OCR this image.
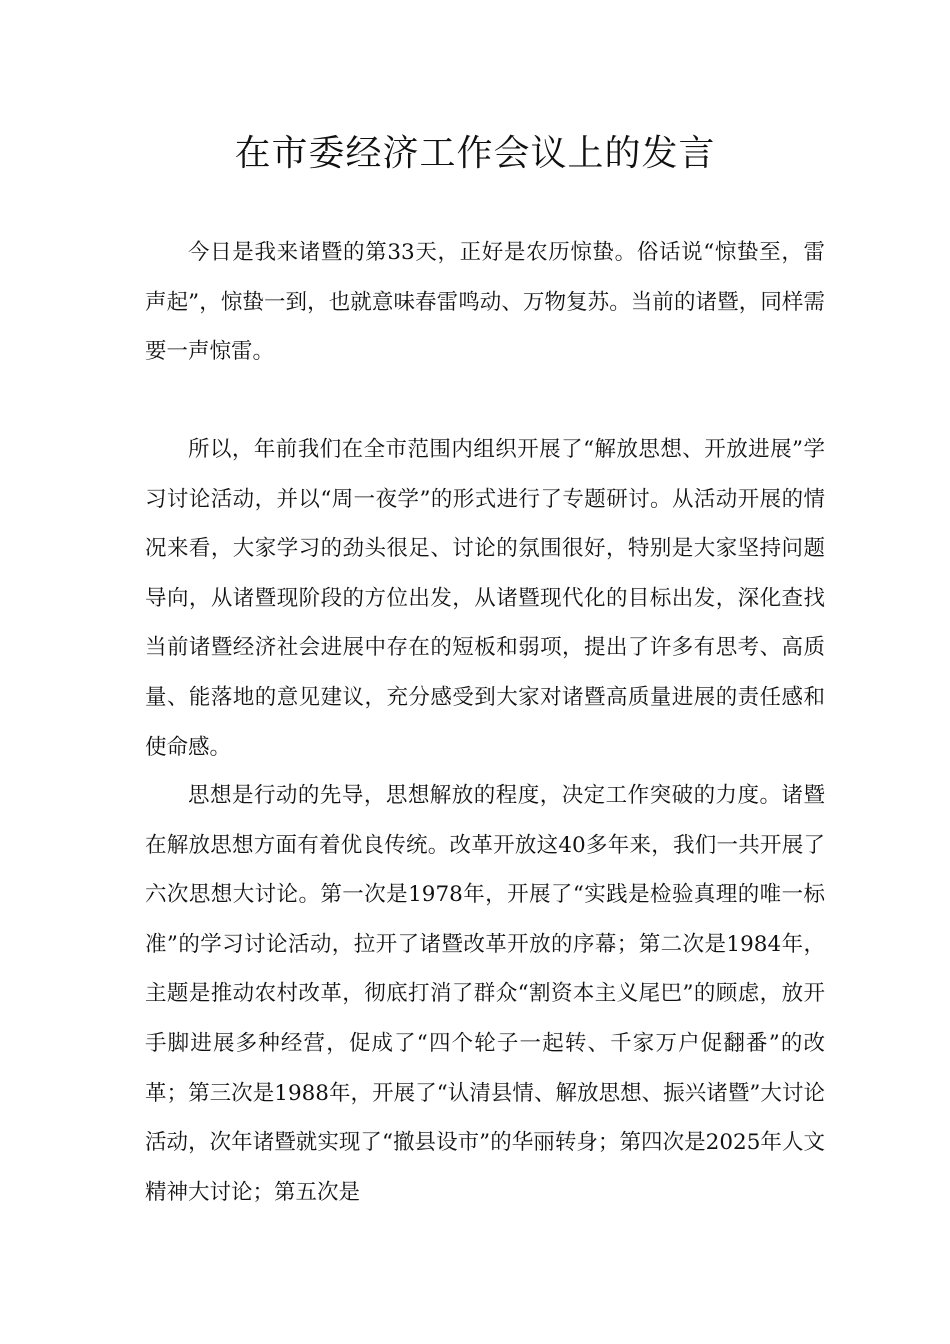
在市委经济工作会议上的发言

今日是我来诸暨的第33天，正好是农历惊蛰。俗话说“惊蛰至，雷声起”，惊蛰一到，也就意味春雷鸣动、万物复苏。当前的诸暨，同样需要一声惊雷。

所以，年前我们在全市范围内组织开展了“解放思想、开放进展”学习讨论活动，并以“周一夜学”的形式进行了专题研讨。从活动开展的情况来看，大家学习的劲头很足、讨论的氛围很好，特别是大家坚持问题导向，从诸暨现阶段的方位出发，从诸暨现代化的目标出发，深化查找当前诸暨经济社会进展中存在的短板和弱项，提出了许多有思考、高质量、能落地的意见建议，充分感受到大家对诸暨高质量进展的责任感和使命感。

思想是行动的先导，思想解放的程度，决定工作突破的力度。诸暨在解放思想方面有着优良传统。改革开放这40多年来，我们一共开展了六次思想大讨论。第一次是1978年，开展了“实践是检验真理的唯一标准”的学习讨论活动，拉开了诸暨改革开放的序幕；第二次是1984年，主题是推动农村改革，彻底打消了群众“割资本主义尾巴”的顾虑，放开手脚进展多种经营，促成了“四个轮子一起转、千家万户促翻番”的改革；第三次是1988年，开展了“认清县情、解放思想、振兴诸暨”大讨论活动，次年诸暨就实现了“撤县设市”的华丽转身；第四次是2025年人文精神大讨论；第五次是
